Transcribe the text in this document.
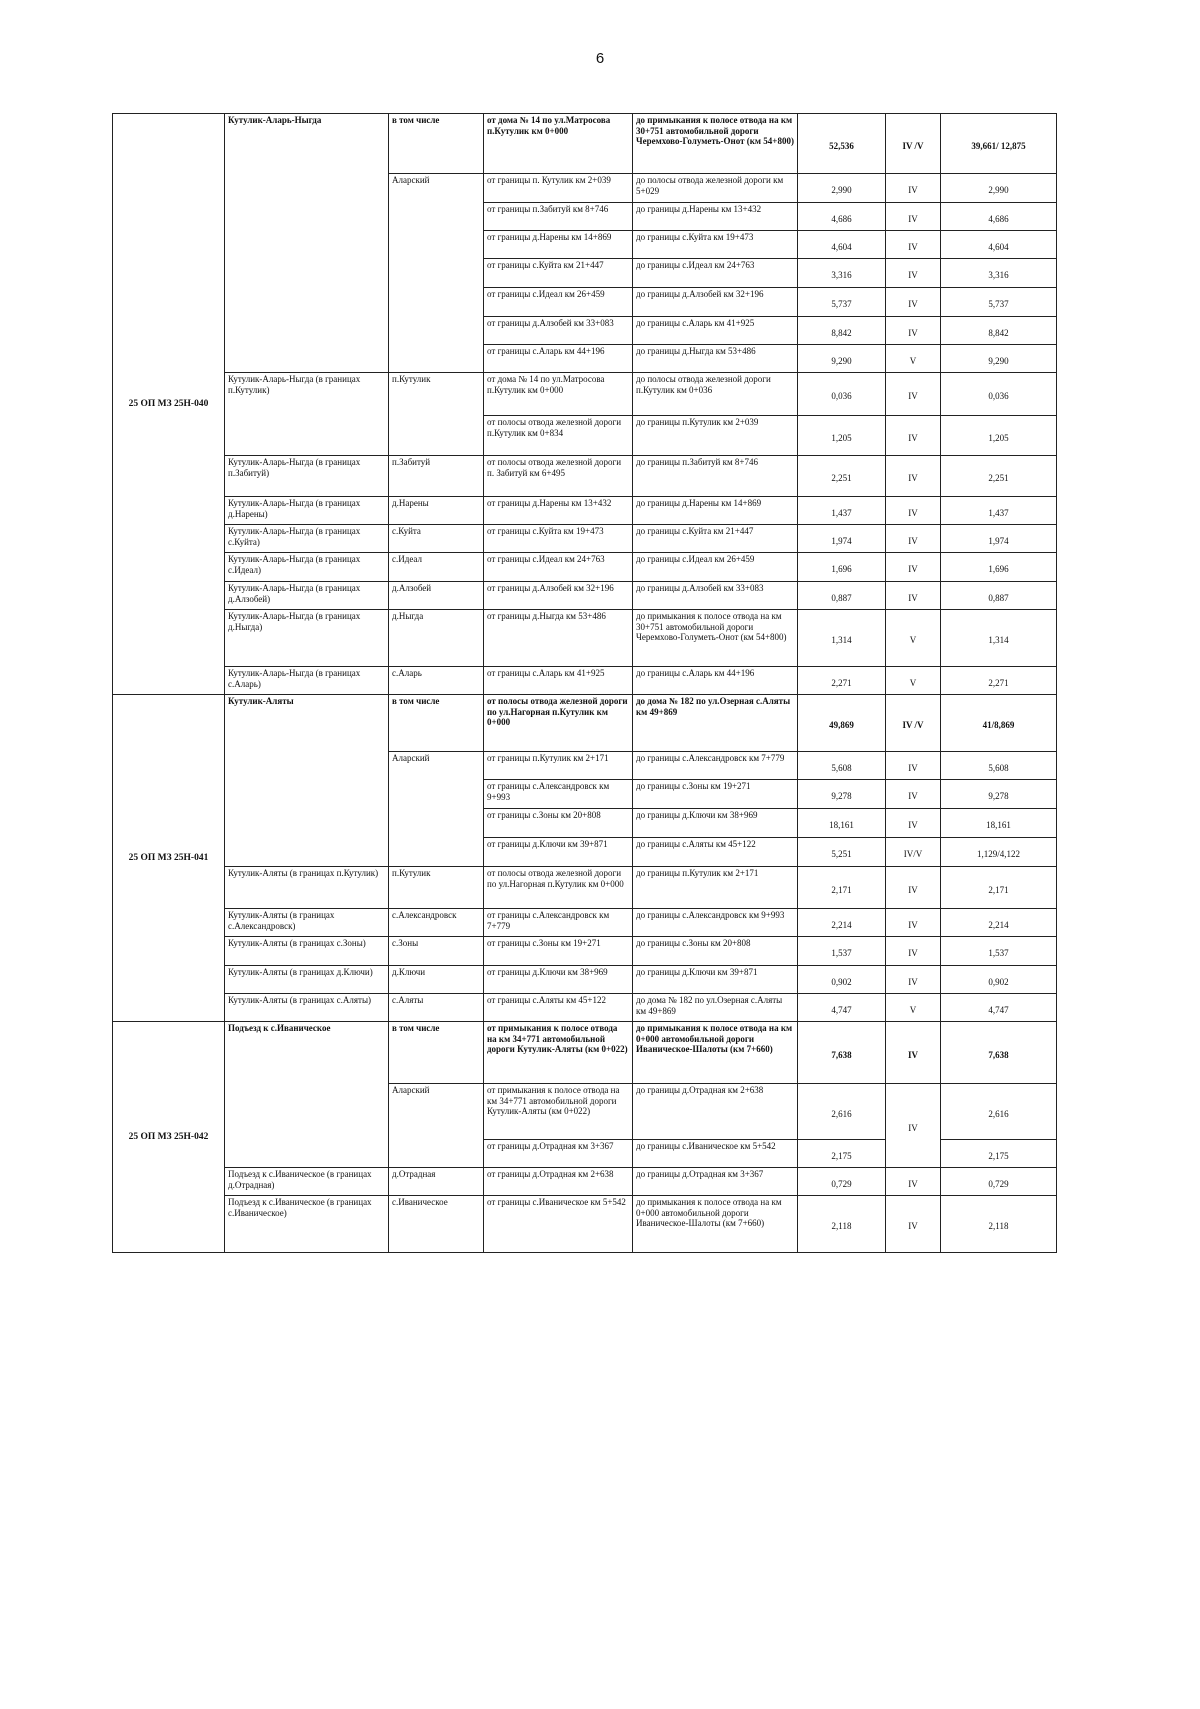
6
25 ОП МЗ 25Н-040	Кутулик-Аларь-Ныгда	в том числе	от дома № 14 по ул.Матросова п.Кутулик км 0+000	до примыкания к полосе отвода на км 30+751 автомобильной дороги Черемхово-Голуметь-Онот (км 54+800)	52,536	IV /V	39,661/ 12,875
		Аларский	от границы п. Кутулик км 2+039	до полосы отвода железной дороги км 5+029	2,990	IV	2,990
			от границы п.Забитуй км 8+746	до границы д.Нарены км 13+432	4,686	IV	4,686
			от границы д.Нарены км 14+869	до границы с.Куйта км 19+473	4,604	IV	4,604
			от границы с.Куйта км 21+447	до границы с.Идеал км 24+763	3,316	IV	3,316
			от границы с.Идеал км 26+459	до границы д.Алзобей км 32+196	5,737	IV	5,737
			от границы д.Алзобей км 33+083	до границы с.Аларь км 41+925	8,842	IV	8,842
			от границы с.Аларь км 44+196	до границы д.Ныгда км 53+486	9,290	V	9,290
	Кутулик-Аларь-Ныгда (в границах п.Кутулик)	п.Кутулик	от дома № 14 по ул.Матросова п.Кутулик км 0+000	до полосы отвода железной дороги п.Кутулик км 0+036	0,036	IV	0,036
			от полосы отвода железной дороги п.Кутулик км 0+834	до границы п.Кутулик км 2+039	1,205	IV	1,205
	Кутулик-Аларь-Ныгда (в границах п.Забитуй)	п.Забитуй	от полосы отвода железной дороги п. Забитуй км 6+495	до границы п.Забитуй км 8+746	2,251	IV	2,251
	Кутулик-Аларь-Ныгда (в границах д.Нарены)	д.Нарены	от границы д.Нарены км 13+432	до границы д.Нарены км 14+869	1,437	IV	1,437
	Кутулик-Аларь-Ныгда (в границах с.Куйта)	с.Куйта	от границы с.Куйта км 19+473	до границы с.Куйта км 21+447	1,974	IV	1,974
	Кутулик-Аларь-Ныгда (в границах с.Идеал)	с.Идеал	от границы с.Идеал км 24+763	до границы с.Идеал км 26+459	1,696	IV	1,696
	Кутулик-Аларь-Ныгда (в границах д.Алзобей)	д.Алзобей	от границы д.Алзобей км 32+196	до границы д.Алзобей км 33+083	0,887	IV	0,887
	Кутулик-Аларь-Ныгда (в границах д.Ныгда)	д.Ныгда	от границы д.Ныгда км 53+486	до примыкания к полосе отвода на км 30+751 автомобильной дороги Черемхово-Голуметь-Онот (км 54+800)	1,314	V	1,314
	Кутулик-Аларь-Ныгда (в границах с.Аларь)	с.Аларь	от границы с.Аларь км 41+925	до границы с.Аларь км 44+196	2,271	V	2,271
25 ОП МЗ 25Н-041	Кутулик-Аляты	в том числе	от полосы отвода железной дороги по ул.Нагорная п.Кутулик км 0+000	до дома № 182 по ул.Озерная с.Аляты км 49+869	49,869	IV /V	41/8,869
		Аларский	от границы п.Кутулик км 2+171	до границы с.Александровск км 7+779	5,608	IV	5,608
			от границы с.Александровск км 9+993	до границы с.Зоны км 19+271	9,278	IV	9,278
			от границы с.Зоны км 20+808	до границы д.Ключи км 38+969	18,161	IV	18,161
			от границы д.Ключи км 39+871	до границы с.Аляты км 45+122	5,251	IV/V	1,129/4,122
	Кутулик-Аляты (в границах п.Кутулик)	п.Кутулик	от полосы отвода железной дороги по ул.Нагорная п.Кутулик км 0+000	до границы п.Кутулик км 2+171	2,171	IV	2,171
	Кутулик-Аляты (в границах с.Александровск)	с.Александровск	от границы с.Александровск км 7+779	до границы с.Александровск км 9+993	2,214	IV	2,214
	Кутулик-Аляты (в границах с.Зоны)	с.Зоны	от границы с.Зоны км 19+271	до границы с.Зоны км 20+808	1,537	IV	1,537
	Кутулик-Аляты (в границах д.Ключи)	д.Ключи	от границы д.Ключи км 38+969	до границы д.Ключи км 39+871	0,902	IV	0,902
	Кутулик-Аляты (в границах с.Аляты)	с.Аляты	от границы с.Аляты км 45+122	до дома № 182 по ул.Озерная с.Аляты км 49+869	4,747	V	4,747
25 ОП МЗ 25Н-042	Подъезд к с.Иваническое	в том числе	от примыкания к полосе отвода на км 34+771 автомобильной дороги Кутулик-Аляты (км 0+022)	до примыкания к полосе отвода на км 0+000 автомобильной дороги Иваническое-Шалоты (км 7+660)	7,638	IV	7,638
		Аларский	от примыкания к полосе отвода на км 34+771 автомобильной дороги Кутулик-Аляты (км 0+022)	до границы д.Отрадная км 2+638	2,616	IV	2,616
			от границы д.Отрадная км 3+367	до границы с.Иваническое км 5+542	2,175		2,175
	Подъезд к с.Иваническое (в границах д.Отрадная)	д.Отрадная	от границы д.Отрадная км 2+638	до границы д.Отрадная км 3+367	0,729	IV	0,729
	Подъезд к с.Иваническое (в границах с.Иваническое)	с.Иваническое	от границы с.Иваническое км 5+542	до примыкания к полосе отвода на км 0+000 автомобильной дороги Иваническое-Шалоты (км 7+660)	2,118	IV	2,118
